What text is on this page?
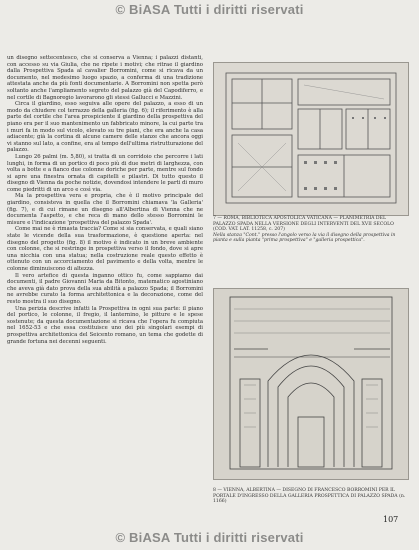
© BiASA Tutti i diritti riservati

un disegno settecentesco, che si conserva a Vienna; i palazzi distanti, con accesso su via Giulia, che ne ripete i motivi; che ritrae il giardino dalla Prospettiva Spada al cavalier Borromini, come si ricava da un documento, nel medesimo luogo spazio, a conferma di una tradizione attestata anche da più fonti documentarie. A Borromini non spetta però soltanto anche l'ampliamento segreto del palazzo già del Capodiferro, e nel cortile di Bagnoregio lavorarono gli stessi Gallucci e Mazzini.

Circa il giardino, esso seguiva alle opere del palazzo, a esso di un modo da chiudere col terrazzo della galleria (fig. 6); il riferimento è alla parte del cortile che l'area prospiciente il giardino della prospettiva del piano era per il suo mantenimento un fabbricato minore, la cui parte tra i muri fa in modo sul vicolo, elevato su tre piani, che era anche la casa adiacente; già la cortina di alcune camere delle stanze che ancora oggi vi stanno sul lato, a confine, era al tempo dell'ultima ristrutturazione del palazzo.

Lungo 26 palmi (m. 5,80), si tratta di un corridoio che percorre i lati lunghi, in forma di un portico di poco più di due metri di larghezza, con volta a botte e a fianco due colonne doriche per parte, mentre sul fondo si apre una finestra ornata di capitelli e pilastri. Di tutto questo il disegno di Vienna da poche notizie, dovendosi intendere le parti di muro come piedritti di un arco e così via.

Ma la prospettiva vera e propria, che è il motivo principale del giardino, consisteva in quella che il Borromini chiamava 'la Galleria' (fig. 7), e di cui rimane un disegno all'Albertina di Vienna che ne documenta l'aspetto, e che reca di mano dello stesso Borromini le misure e l'indicazione 'prospettiva del palazzo Spada'.

Come mai ne è rimasta traccia? Come si sia conservata, e quali siano state le vicende della sua trasformazione, è questione aperta: nel disegno del progetto (fig. 8) il motivo è indicato in un breve ambiente con colonne, che si restringe in prospettiva verso il fondo, dove si apre una nicchia con una statua; nella costruzione reale questo effetto è ottenuto con un accorciamento del pavimento e della volta, mentre le colonne diminuiscono di altezza.

Il vero artefice di questa inganno ottico fu, come sappiamo dai documenti, il padre Giovanni Maria da Bitonto, matematico agostiniano che aveva già dato prova della sua abilità a palazzo Spada; il Borromini ne avrebbe curato la forma architettonica e la decorazione, come del resto mostra il suo disegno.

Una perizia descrive infatti la Prospettiva in ogni sua parte: il piano del portico, le colonne, il fregio, il lanternino, le pitture e le spese sostenute; da questa documentazione si ricava che l'opera fu compiuta nel 1652-53 e che essa costituisce uno dei più singolari esempi di prospettiva architettonica del Seicento romano, un tema che godette di grande fortuna nei decenni seguenti.

7 — ROMA, BIBLIOTECA APOSTOLICA VATICANA — PLANIMETRIA DEL PALAZZO SPADA NELLA VERSIONE DEGLI INTERVENTI DEL XVII SECOLO (COD. VAT. LAT. 11258, c. 207)
Nella stanza "Cont." presso l'angolo verso la via il disegno della prospettiva in pianta e sulla pianta "prima prospettiva" e "galleria prospettica".
8 — VIENNA, ALBERTINA — DISEGNO DI FRANCESCO BORROMINI PER IL PORTALE D'INGRESSO DELLA GALLERIA PROSPETTICA DI PALAZZO SPADA (n. 1166)
107
© BiASA Tutti i diritti riservati
